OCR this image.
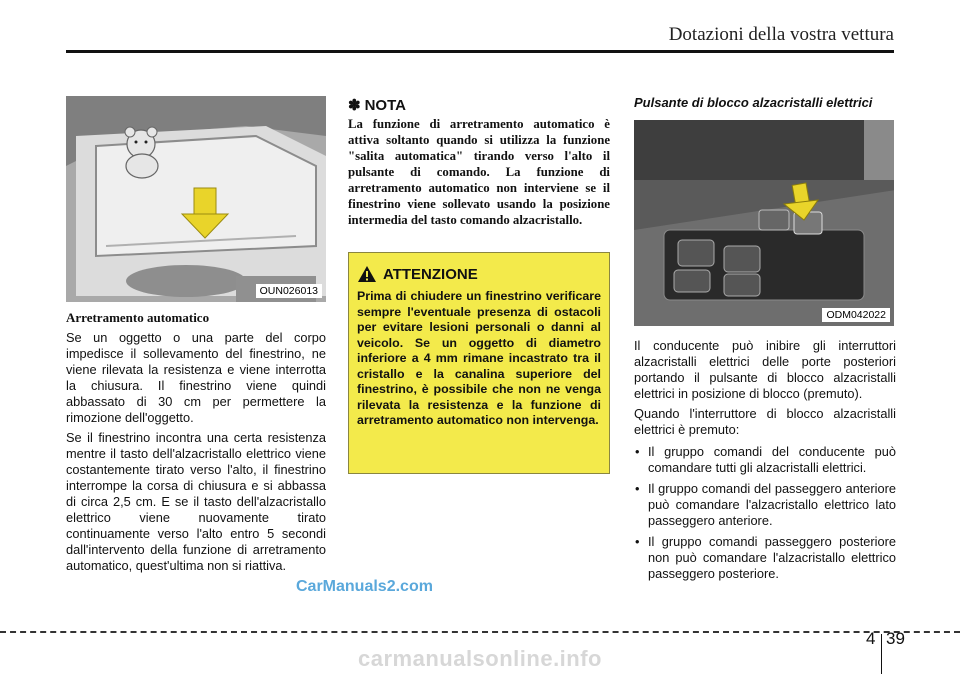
Dotazioni della vostra vettura
OUN026013
Arretramento automatico

Se un oggetto o una parte del corpo impedisce il sollevamento del finestrino, ne viene rilevata la resistenza e viene interrotta la chiusura. Il finestrino viene quindi abbassato di 30 cm per permettere la rimozione dell'oggetto.

Se il finestrino incontra una certa resistenza mentre il tasto dell'alzacristallo elettrico viene costantemente tirato verso l'alto, il finestrino interrompe la corsa di chiusura e si abbassa di circa 2,5 cm. E se il tasto dell'alzacristallo elettrico viene nuovamente tirato continuamente verso l'alto entro 5 secondi dall'intervento della funzione di arretramento automatico, quest'ultima non si riattiva.

✽ NOTA
La funzione di arretramento automatico è attiva soltanto quando si utilizza la funzione "salita automatica" tirando verso l'alto il pulsante di comando. La funzione di arretramento automatico non interviene se il finestrino viene sollevato usando la posizione intermedia del tasto comando alzacristallo.
ATTENZIONE
Prima di chiudere un finestrino verificare sempre l'eventuale presenza di ostacoli per evitare lesioni personali o danni al veicolo. Se un oggetto di diametro inferiore a 4 mm rimane incastrato tra il cristallo e la canalina superiore del finestrino, è possibile che non ne venga rilevata la resistenza e la funzione di arretramento automatico non intervenga.
Pulsante di blocco alzacristalli elettrici
ODM042022

Il conducente può inibire gli interruttori alzacristalli elettrici delle porte posteriori portando il pulsante di blocco alzacristalli elettrici in posizione di blocco (premuto).

Quando l'interruttore di blocco alzacristalli elettrici è premuto:

• Il gruppo comandi del conducente può comandare tutti gli alzacristalli elettrici.
• Il gruppo comandi del passeggero anteriore può comandare l'alzacristallo elettrico lato passeggero anteriore.
• Il gruppo comandi passeggero posteriore non può comandare l'alzacristallo elettrico passeggero posteriore.
CarManuals2.com
4 39
carmanualsonline.info
